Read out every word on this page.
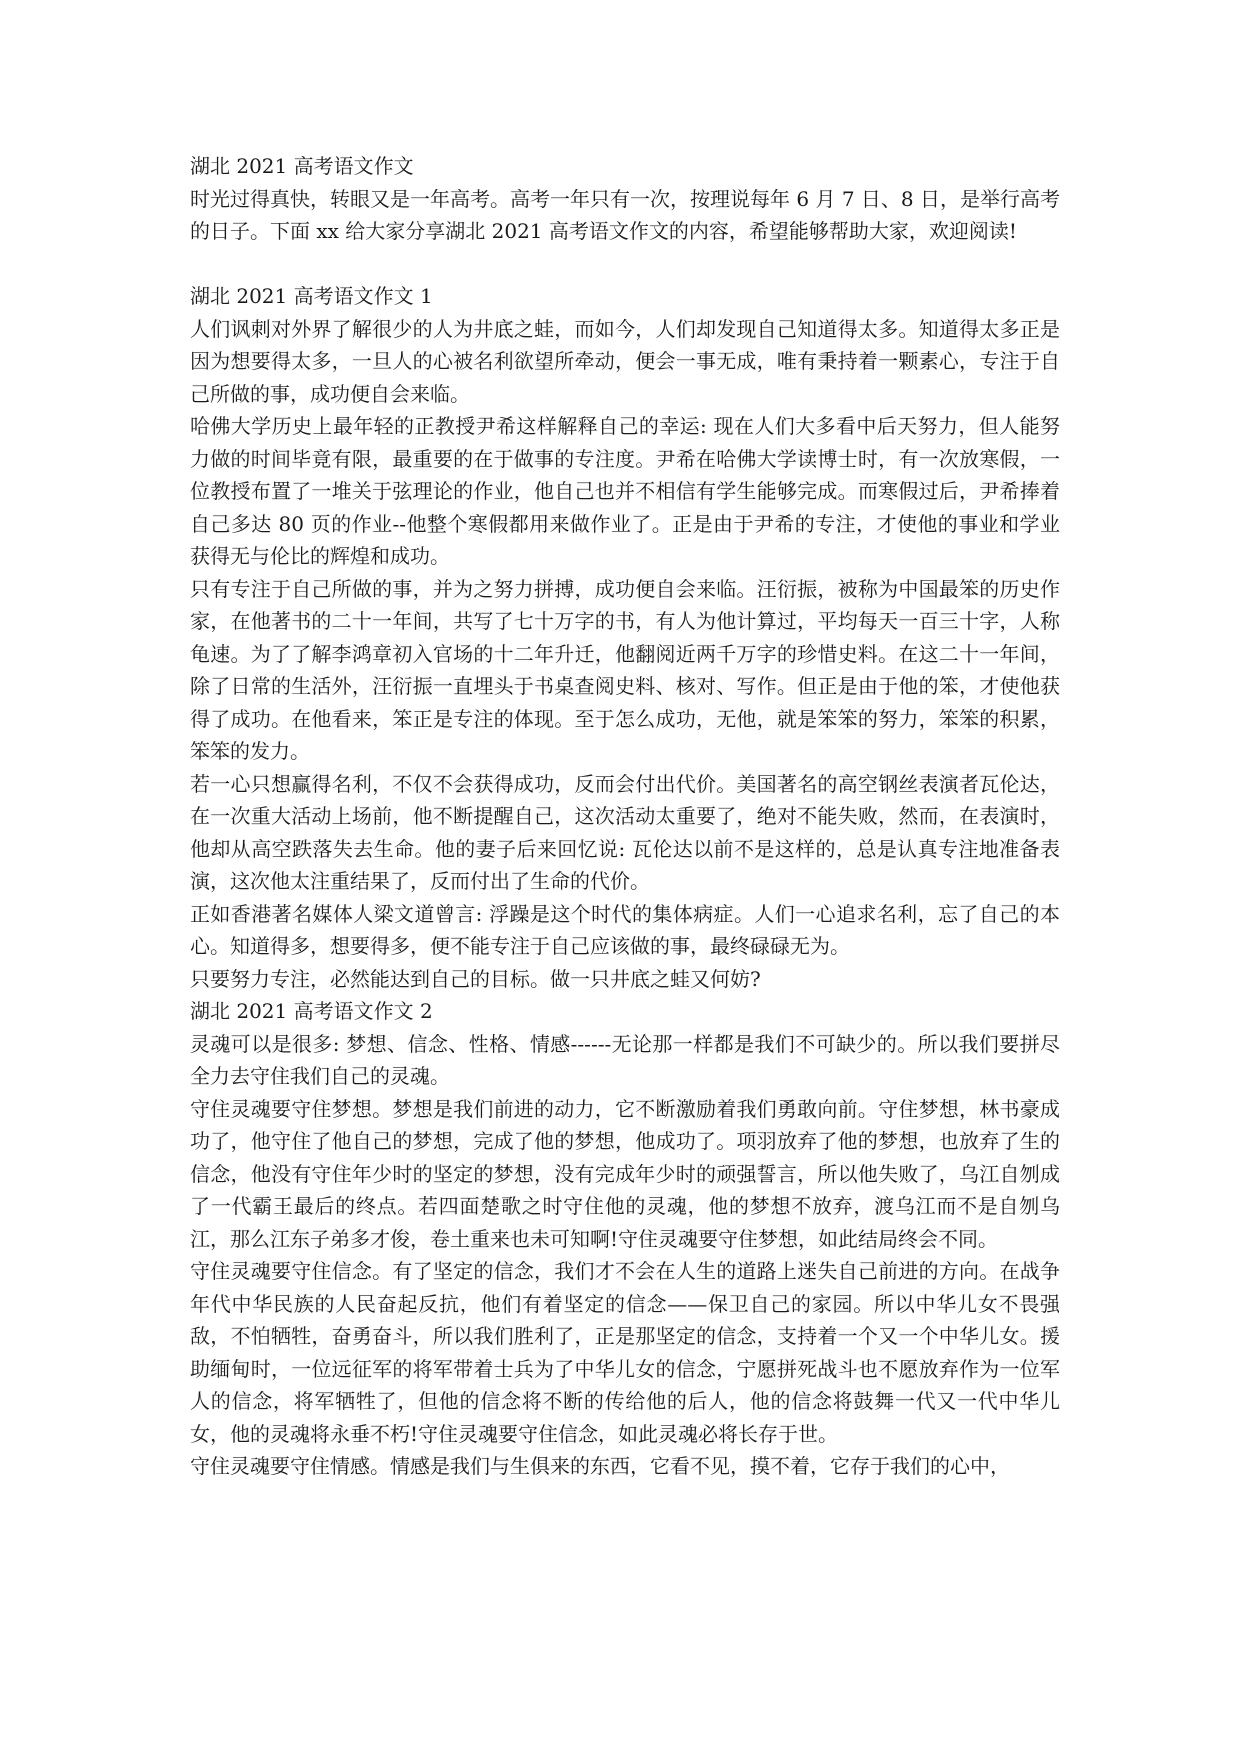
湖北 2021 高考语文作文

时光过得真快，转眼又是一年高考。高考一年只有一次，按理说每年 6 月 7 日、8 日，是举行高考的日子。下面 xx 给大家分享湖北 2021 高考语文作文的内容，希望能够帮助大家，欢迎阅读!

湖北 2021 高考语文作文 1

人们讽刺对外界了解很少的人为井底之蛙，而如今，人们却发现自己知道得太多。知道得太多正是因为想要得太多，一旦人的心被名利欲望所牵动，便会一事无成，唯有秉持着一颗素心，专注于自己所做的事，成功便自会来临。

哈佛大学历史上最年轻的正教授尹希这样解释自己的幸运: 现在人们大多看中后天努力，但人能努力做的时间毕竟有限，最重要的在于做事的专注度。尹希在哈佛大学读博士时，有一次放寒假，一位教授布置了一堆关于弦理论的作业，他自己也并不相信有学生能够完成。而寒假过后，尹希捧着自己多达 80 页的作业--他整个寒假都用来做作业了。正是由于尹希的专注，才使他的事业和学业获得无与伦比的辉煌和成功。

只有专注于自己所做的事，并为之努力拼搏，成功便自会来临。汪衍振，被称为中国最笨的历史作家，在他著书的二十一年间，共写了七十万字的书，有人为他计算过，平均每天一百三十字，人称龟速。为了了解李鸿章初入官场的十二年升迁，他翻阅近两千万字的珍惜史料。在这二十一年间，除了日常的生活外，汪衍振一直埋头于书桌查阅史料、核对、写作。但正是由于他的笨，才使他获得了成功。在他看来，笨正是专注的体现。至于怎么成功，无他，就是笨笨的努力，笨笨的积累，笨笨的发力。

若一心只想赢得名利，不仅不会获得成功，反而会付出代价。美国著名的高空钢丝表演者瓦伦达，在一次重大活动上场前，他不断提醒自己，这次活动太重要了，绝对不能失败，然而，在表演时，他却从高空跌落失去生命。他的妻子后来回忆说: 瓦伦达以前不是这样的，总是认真专注地准备表演，这次他太注重结果了，反而付出了生命的代价。

正如香港著名媒体人梁文道曾言: 浮躁是这个时代的集体病症。人们一心追求名利，忘了自己的本心。知道得多，想要得多，便不能专注于自己应该做的事，最终碌碌无为。

只要努力专注，必然能达到自己的目标。做一只井底之蛙又何妨?

湖北 2021 高考语文作文 2

灵魂可以是很多: 梦想、信念、性格、情感------无论那一样都是我们不可缺少的。所以我们要拼尽全力去守住我们自己的灵魂。

守住灵魂要守住梦想。梦想是我们前进的动力，它不断激励着我们勇敢向前。守住梦想，林书豪成功了，他守住了他自己的梦想，完成了他的梦想，他成功了。项羽放弃了他的梦想，也放弃了生的信念，他没有守住年少时的坚定的梦想，没有完成年少时的顽强誓言，所以他失败了，乌江自刎成了一代霸王最后的终点。若四面楚歌之时守住他的灵魂，他的梦想不放弃，渡乌江而不是自刎乌江，那么江东子弟多才俊，卷土重来也未可知啊!守住灵魂要守住梦想，如此结局终会不同。

守住灵魂要守住信念。有了坚定的信念，我们才不会在人生的道路上迷失自己前进的方向。在战争年代中华民族的人民奋起反抗，他们有着坚定的信念——保卫自己的家园。所以中华儿女不畏强敌，不怕牺牲，奋勇奋斗，所以我们胜利了，正是那坚定的信念，支持着一个又一个中华儿女。援助缅甸时，一位远征军的将军带着士兵为了中华儿女的信念，宁愿拼死战斗也不愿放弃作为一位军人的信念，将军牺牲了，但他的信念将不断的传给他的后人，他的信念将鼓舞一代又一代中华儿女，他的灵魂将永垂不朽!守住灵魂要守住信念，如此灵魂必将长存于世。

守住灵魂要守住情感。情感是我们与生俱来的东西，它看不见，摸不着，它存于我们的心中，
